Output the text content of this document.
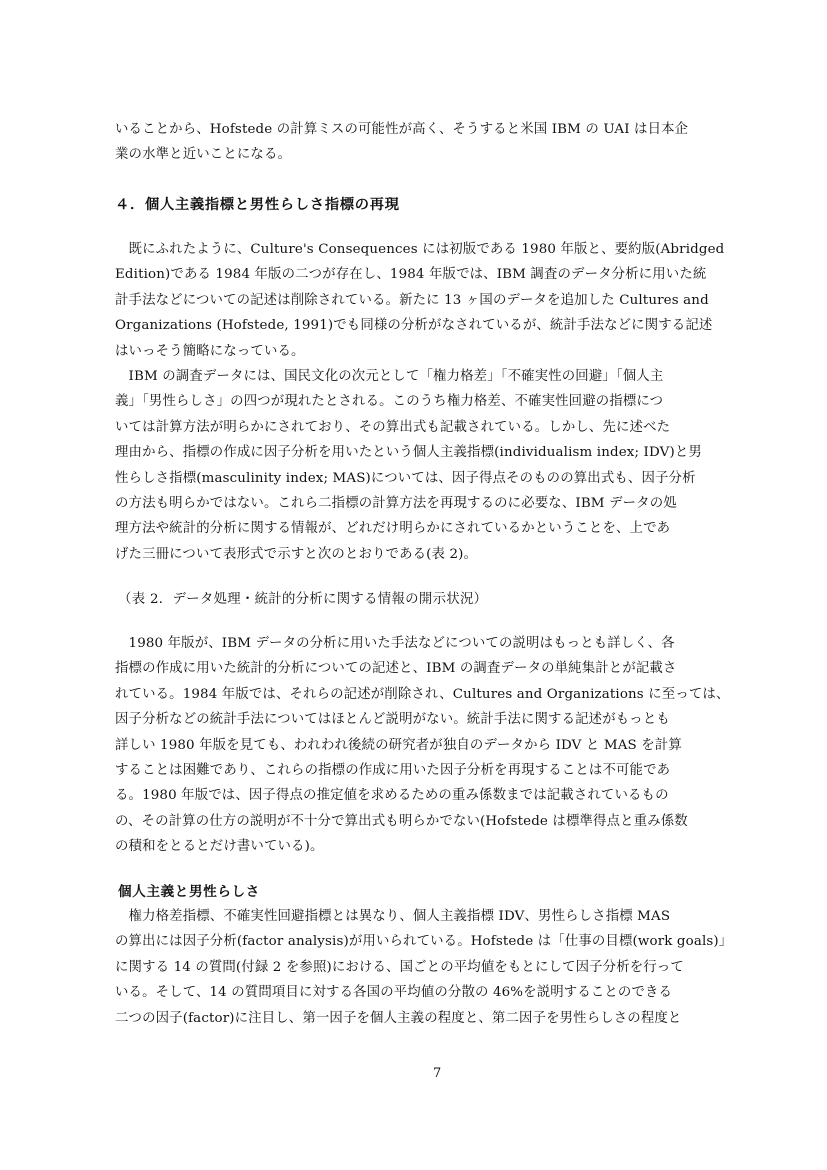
いることから、Hofstede の計算ミスの可能性が高く、そうすると米国 IBM の UAI は日本企
業の水準と近いことになる。
４．個人主義指標と男性らしさ指標の再現
　既にふれたように、Culture's Consequences には初版である 1980 年版と、要約版(Abridged
Edition)である 1984 年版の二つが存在し、1984 年版では、IBM 調査のデータ分析に用いた統
計手法などについての記述は削除されている。新たに 13 ヶ国のデータを追加した Cultures and
Organizations (Hofstede, 1991)でも同様の分析がなされているが、統計手法などに関する記述
はいっそう簡略になっている。
　IBM の調査データには、国民文化の次元として「権力格差」「不確実性の回避」「個人主
義」「男性らしさ」の四つが現れたとされる。このうち権力格差、不確実性回避の指標につ
いては計算方法が明らかにされており、その算出式も記載されている。しかし、先に述べた
理由から、指標の作成に因子分析を用いたという個人主義指標(individualism index; IDV)と男
性らしさ指標(masculinity index; MAS)については、因子得点そのものの算出式も、因子分析
の方法も明らかではない。これら二指標の計算方法を再現するのに必要な、IBM データの処
理方法や統計的分析に関する情報が、どれだけ明らかにされているかということを、上であ
げた三冊について表形式で示すと次のとおりである(表 2)。

（表 2．データ処理・統計的分析に関する情報の開示状況）

　1980 年版が、IBM データの分析に用いた手法などについての説明はもっとも詳しく、各
指標の作成に用いた統計的分析についての記述と、IBM の調査データの単純集計とが記載さ
れている。1984 年版では、それらの記述が削除され、Cultures and Organizations に至っては、
因子分析などの統計手法についてはほとんど説明がない。統計手法に関する記述がもっとも
詳しい 1980 年版を見ても、われわれ後続の研究者が独自のデータから IDV と MAS を計算
することは困難であり、これらの指標の作成に用いた因子分析を再現することは不可能であ
る。1980 年版では、因子得点の推定値を求めるための重み係数までは記載されているもの
の、その計算の仕方の説明が不十分で算出式も明らかでない(Hofstede は標準得点と重み係数
の積和をとるとだけ書いている)。
個人主義と男性らしさ
　権力格差指標、不確実性回避指標とは異なり、個人主義指標 IDV、男性らしさ指標 MAS
の算出には因子分析(factor analysis)が用いられている。Hofstede は「仕事の目標(work goals)」
に関する 14 の質問(付録 2 を参照)における、国ごとの平均値をもとにして因子分析を行って
いる。そして、14 の質問項目に対する各国の平均値の分散の 46%を説明することのできる
二つの因子(factor)に注目し、第一因子を個人主義の程度と、第二因子を男性らしさの程度と
7
